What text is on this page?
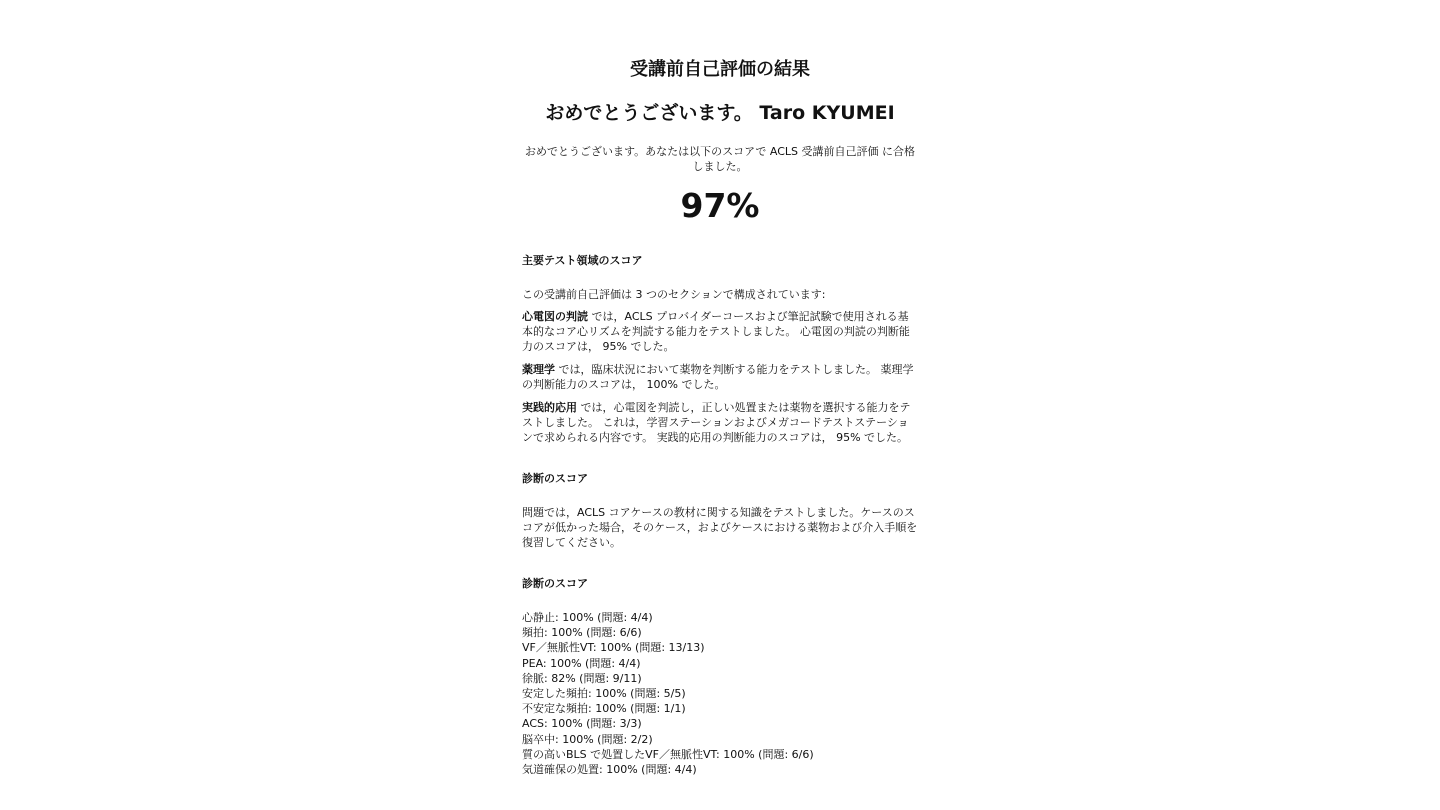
受講前自己評価の結果
おめでとうございます。 Taro KYUMEI

おめでとうございます。あなたは以下のスコアで ACLS 受講前自己評価 に合格しました。

97%
主要テスト領域のスコア

この受講前自己評価は 3 つのセクションで構成されています:

心電図の判読 では，ACLS プロバイダーコースおよび筆記試験で使用される基本的なコア心リズムを判読する能力をテストしました。 心電図の判読の判断能力のスコアは， 95% でした。

薬理学 では，臨床状況において薬物を判断する能力をテストしました。 薬理学の判断能力のスコアは， 100% でした。

実践的応用 では，心電図を判読し，正しい処置または薬物を選択する能力をテストしました。 これは，学習ステーションおよびメガコードテストステーションで求められる内容です。 実践的応用の判断能力のスコアは， 95% でした。

診断のスコア

問題では，ACLS コアケースの教材に関する知識をテストしました。ケースのスコアが低かった場合，そのケース，およびケースにおける薬物および介入手順を復習してください。

診断のスコア
心静止: 100% (問題: 4/4)
頻拍: 100% (問題: 6/6)
VF／無脈性VT: 100% (問題: 13/13)
PEA: 100% (問題: 4/4)
徐脈: 82% (問題: 9/11)
安定した頻拍: 100% (問題: 5/5)
不安定な頻拍: 100% (問題: 1/1)
ACS: 100% (問題: 3/3)
脳卒中: 100% (問題: 2/2)
質の高いBLS で処置したVF／無脈性VT: 100% (問題: 6/6)
気道確保の処置: 100% (問題: 4/4)
